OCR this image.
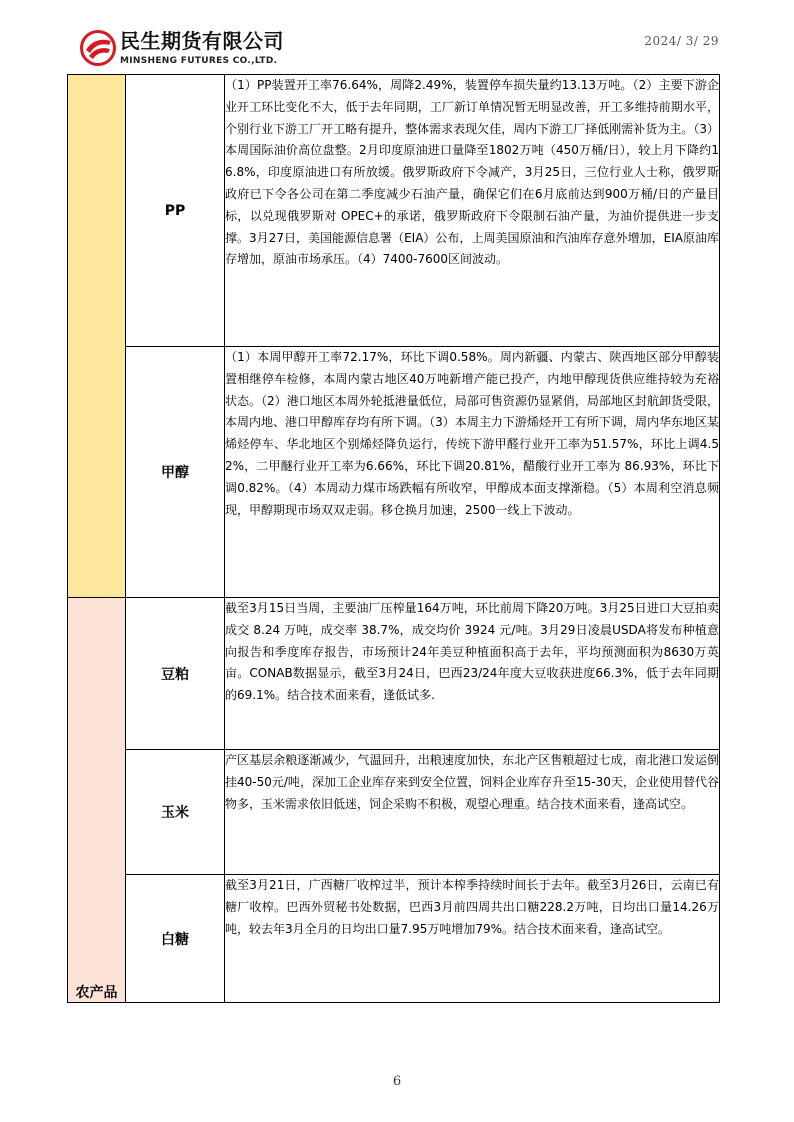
民生期货有限公司
MINSHENG FUTURES CO.,LTD.
2024/ 3/ 29
	PP	（1）PP装置开工率76.64%，周降2.49%，装置停车损失量约13.13万吨。（2）主要下游企业开工环比变化不大，低于去年同期，工厂新订单情况暂无明显改善，开工多维持前期水平，个别行业下游工厂开工略有提升，整体需求表现欠佳，周内下游工厂择低刚需补货为主。（3）本周国际油价高位盘整。2月印度原油进口量降至1802万吨（450万桶/日），较上月下降约16.8%，印度原油进口有所放缓。俄罗斯政府下令减产，3月25日，三位行业人士称，俄罗斯政府已下令各公司在第二季度减少石油产量，确保它们在6月底前达到900万桶/日的产量目标，以兑现俄罗斯对 OPEC+的承诺，俄罗斯政府下令限制石油产量，为油价提供进一步支撑。3月27日，美国能源信息署（EIA）公布，上周美国原油和汽油库存意外增加，EIA原油库存增加，原油市场承压。（4）7400-7600区间波动。
	甲醇	（1）本周甲醇开工率72.17%，环比下调0.58%。周内新疆、内蒙古、陕西地区部分甲醇装置相继停车检修，本周内蒙古地区40万吨新增产能已投产，内地甲醇现货供应维持较为充裕状态。（2）港口地区本周外轮抵港量低位，局部可售资源仍显紧俏，局部地区封航卸货受限，本周内地、港口甲醇库存均有所下调。（3）本周主力下游烯烃开工有所下调，周内华东地区某烯烃停车、华北地区个别烯烃降负运行，传统下游甲醛行业开工率为51.57%，环比上调4.52%，二甲醚行业开工率为6.66%，环比下调20.81%，醋酸行业开工率为 86.93%，环比下调0.82%。（4）本周动力煤市场跌幅有所收窄，甲醇成本面支撑渐稳。（5）本周利空消息频现，甲醇期现市场双双走弱。移仓换月加速，2500一线上下波动。
农产品	豆粕	截至3月15日当周，主要油厂压榨量164万吨，环比前周下降20万吨。3月25日进口大豆拍卖成交 8.24 万吨，成交率 38.7%，成交均价 3924 元/吨。3月29日凌晨USDA将发布种植意向报告和季度库存报告，市场预计24年美豆种植面积高于去年，平均预测面积为8630万英亩。CONAB数据显示，截至3月24日，巴西23/24年度大豆收获进度66.3%，低于去年同期的69.1%。结合技术面来看，逢低试多.
	玉米	产区基层余粮逐渐减少，气温回升，出粮速度加快，东北产区售粮超过七成，南北港口发运倒挂40-50元/吨，深加工企业库存来到安全位置，饲料企业库存升至15-30天，企业使用替代谷物多，玉米需求依旧低迷，饲企采购不积极，观望心理重。结合技术面来看，逢高试空。
	白糖	截至3月21日，广西糖厂收榨过半，预计本榨季持续时间长于去年。截至3月26日，云南已有糖厂收榨。巴西外贸秘书处数据，巴西3月前四周共出口糖228.2万吨，日均出口量14.26万吨，较去年3月全月的日均出口量7.95万吨增加79%。结合技术面来看，逢高试空。
6
